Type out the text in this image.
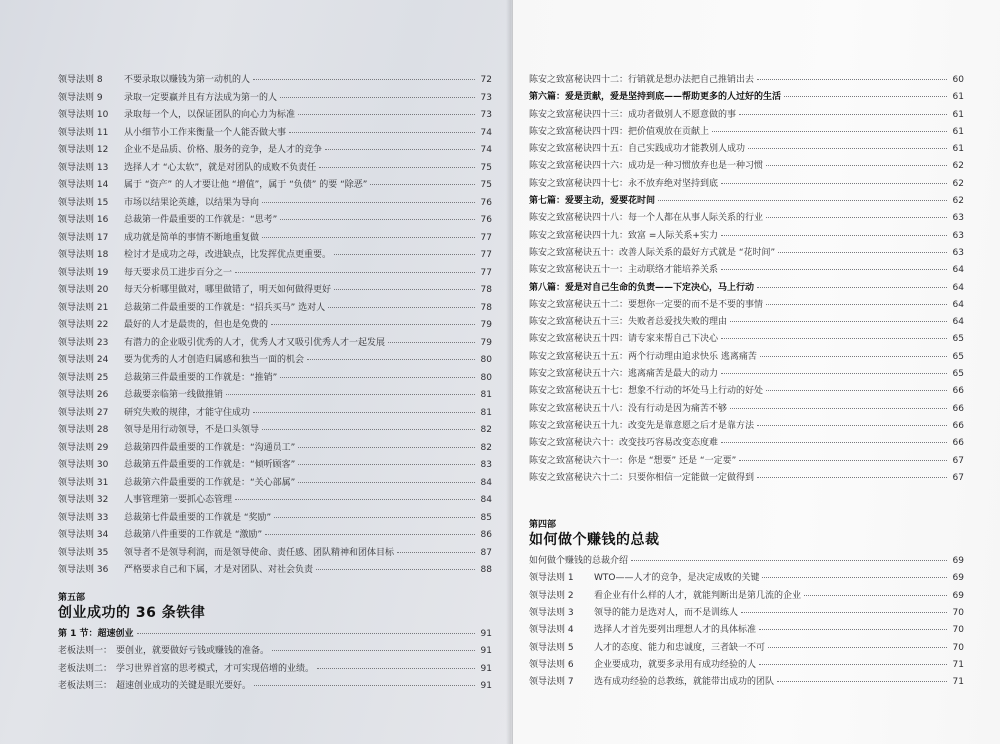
领导法则 8	不要录取以赚钱为第一动机的人	72
领导法则 9	录取一定要赢并且有方法成为第一的人	73
领导法则 10	录取每一个人，以保证团队的向心力为标准	73
领导法则 11	从小细节小工作来衡量一个人能否做大事	74
领导法则 12	企业不是品质、价格、服务的竞争，是人才的竞争	74
领导法则 13	选择人才 “心太软”，就是对团队的成败不负责任	75
领导法则 14	属于 “资产” 的人才要让他 “增值”，属于 “负债” 的要 “除恶”	75
领导法则 15	市场以结果论英雄，以结果为导向	76
领导法则 16	总裁第一件最重要的工作就是：“思考”	76
领导法则 17	成功就是简单的事情不断地重复做	77
领导法则 18	检讨才是成功之母，改进缺点，比发挥优点更重要。	77
领导法则 19	每天要求员工进步百分之一	77
领导法则 20	每天分析哪里做对，哪里做错了，明天如何做得更好	78
领导法则 21	总裁第二件最重要的工作就是：“招兵买马” 选对人	78
领导法则 22	最好的人才是最贵的，但也是免费的	79
领导法则 23	有潜力的企业吸引优秀的人才，优秀人才又吸引优秀人才一起发展	79
领导法则 24	要为优秀的人才创造归属感和独当一面的机会	80
领导法则 25	总裁第三件最重要的工作就是：“推销”	80
领导法则 26	总裁要亲临第一线做推销	81
领导法则 27	研究失败的规律，才能守住成功	81
领导法则 28	领导是用行动领导，不是口头领导	82
领导法则 29	总裁第四件最重要的工作就是：“沟通员工”	82
领导法则 30	总裁第五件最重要的工作就是：“倾听顾客”	83
领导法则 31	总裁第六件最重要的工作就是：“关心部属”	84
领导法则 32	人事管理第一要抓心态管理	84
领导法则 33	总裁第七件最重要的工作就是 “奖励”	85
领导法则 34	总裁第八件重要的工作就是 “激励”	86
领导法则 35	领导者不是领导利润，而是领导使命、责任感、团队精神和团体目标	87
领导法则 36	严格要求自己和下属，才是对团队、对社会负责	88
第五部
创业成功的 36 条铁律
第 1 节：超速创业	91
老板法则一： 要创业，就要做好亏钱或赚钱的准备。	91
老板法则二： 学习世界首富的思考模式，才可实现倍增的业绩。	91
老板法则三： 超速创业成功的关键是眼光要好。	91
陈安之致富秘诀四十二：行销就是想办法把自己推销出去	60
第六篇：爱是贡献，爱是坚持到底——帮助更多的人过好的生活	61
陈安之致富秘诀四十三：成功者做别人不愿意做的事	61
陈安之致富秘诀四十四：把价值观放在贡献上	61
陈安之致富秘诀四十五：自己实践成功才能教别人成功	61
陈安之致富秘诀四十六：成功是一种习惯放弃也是一种习惯	62
陈安之致富秘诀四十七：永不放弃绝对坚持到底	62
第七篇：爱要主动，爱要花时间	62
陈安之致富秘诀四十八：每一个人都在从事人际关系的行业	63
陈安之致富秘诀四十九：致富 =人际关系+实力	63
陈安之致富秘诀五十：改善人际关系的最好方式就是 “花时间”	63
陈安之致富秘诀五十一：主动联络才能培养关系	64
第八篇：爱是对自己生命的负责——下定决心，马上行动	64
陈安之致富秘诀五十二：要想你一定要的而不是不要的事情	64
陈安之致富秘诀五十三：失败者总爱找失败的理由	64
陈安之致富秘诀五十四：请专家来帮自己下决心	65
陈安之致富秘诀五十五：两个行动理由追求快乐 逃离痛苦	65
陈安之致富秘诀五十六：逃离痛苦是最大的动力	65
陈安之致富秘诀五十七：想象不行动的坏处马上行动的好处	66
陈安之致富秘诀五十八：没有行动是因为痛苦不够	66
陈安之致富秘诀五十九：改变先是靠意愿之后才是靠方法	66
陈安之致富秘诀六十：改变技巧容易改变态度难	66
陈安之致富秘诀六十一：你是 “想要” 还是 “一定要”	67
陈安之致富秘诀六十二：只要你相信一定能做一定做得到	67
第四部
如何做个赚钱的总裁
如何做个赚钱的总裁介绍	69
领导法则 1	WTO——人才的竞争，是决定成败的关键	69
领导法则 2	看企业有什么样的人才，就能判断出是第几流的企业	69
领导法则 3	领导的能力是选对人，而不是训练人	70
领导法则 4	选择人才首先要列出理想人才的具体标准	70
领导法则 5	人才的态度、能力和忠诚度，三者缺一不可	70
领导法则 6	企业要成功，就要多录用有成功经验的人	71
领导法则 7	选有成功经验的总教练，就能带出成功的团队	71
